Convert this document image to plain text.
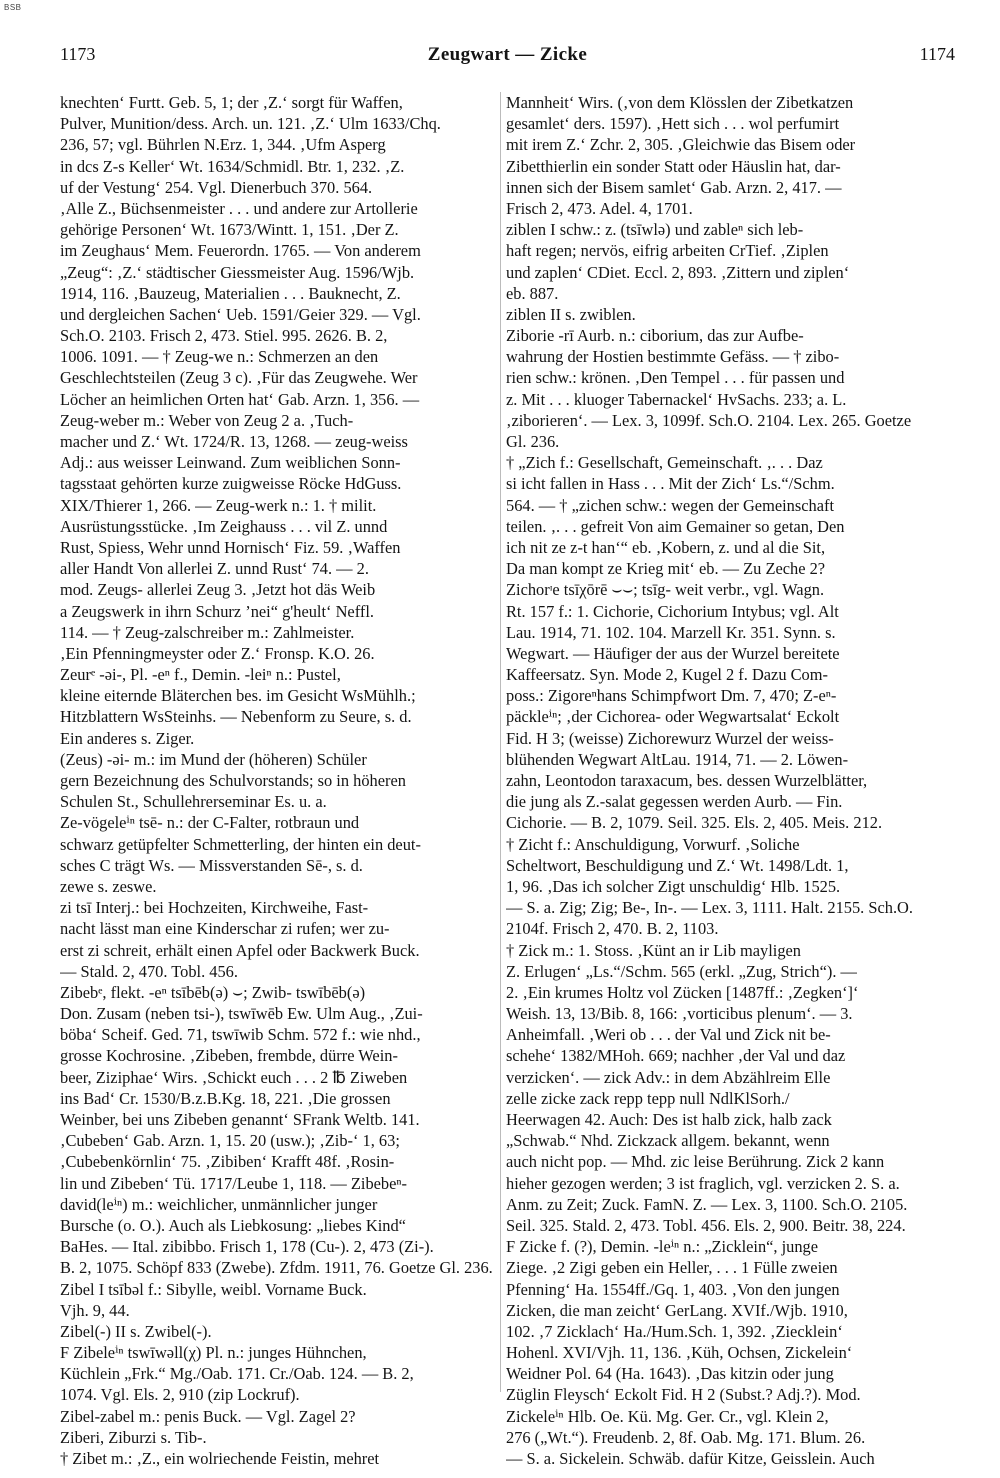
BSB
1173	Zeugwart — Zicke	1174
knechten‘ Furtt. Geb. 5, 1; der ‚Z.‘ sorgt für Waffen,
Pulver, Munition/dess. Arch. un. 121. ‚Z.‘ Ulm 1633/Chq.
236, 57; vgl. Bührlen N.Erz. 1, 344. ‚Ufm Asperg
in dcs Z-s Keller‘ Wt. 1634/Schmidl. Btr. 1, 232. ‚Z.
uf der Vestung‘ 254. Vgl. Dienerbuch 370. 564.
‚Alle Z., Büchsenmeister . . . und andere zur Artollerie
gehörige Personen‘ Wt. 1673/Wintt. 1, 151. ‚Der Z.
im Zeughaus‘ Mem. Feuerordn. 1765. — Von anderem
„Zeug“: ‚Z.‘ städtischer Giessmeister Aug. 1596/Wjb.
1914, 116. ‚Bauzeug, Materialien . . . Bauknecht, Z.
und dergleichen Sachen‘ Ueb. 1591/Geier 329. — Vgl.
Sch.O. 2103. Frisch 2, 473. Stiel. 995. 2626. B. 2,
1006. 1091. — † Zeug-we n.: Schmerzen an den
Geschlechtsteilen (Zeug 3 c). ‚Für das Zeugwehe. Wer
Löcher an heimlichen Orten hat‘ Gab. Arzn. 1, 356. —
Zeug-weber m.: Weber von Zeug 2 a. ‚Tuch-
macher und Z.‘ Wt. 1724/R. 13, 1268. — zeug-weiss
Adj.: aus weisser Leinwand. Zum weiblichen Sonn-
tagsstaat gehörten kurze zuigweisse Röcke HdGuss.
XIX/Thierer 1, 266. — Zeug-werk n.: 1. † milit.
Ausrüstungsstücke. ‚Im Zeighauss . . . vil Z. unnd
Rust, Spiess, Wehr unnd Hornisch‘ Fiz. 59. ‚Waffen
aller Handt Von allerlei Z. unnd Rust‘ 74. — 2.
mod. Zeugs- allerlei Zeug 3. ‚Jetzt hot däs Weib
a Zeugswerk in ihrn Schurz ’nei“ g'heult‘ Neffl.
114. — † Zeug-zalschreiber m.: Zahlmeister.
‚Ein Pfenningmeyster oder Z.‘ Fronsp. K.O. 26.
Zeurᵉ -əi-, Pl. -eⁿ f., Demin. -leiⁿ n.: Pustel,
kleine eiternde Bläterchen bes. im Gesicht WsMühlh.;
Hitzblattern WsSteinhs. — Nebenform zu Seure, s. d.
Ein anderes s. Ziger.
(Zeus) -əi- m.: im Mund der (höheren) Schüler
gern Bezeichnung des Schulvorstands; so in höheren
Schulen St., Schullehrerseminar Es. u. a.
Ze-vögeleⁱⁿ tsē- n.: der C-Falter, rotbraun und
schwarz getüpfelter Schmetterling, der hinten ein deut-
sches C trägt Ws. — Missverstanden Sē-, s. d.
zewe s. zeswe.
zi tsī Interj.: bei Hochzeiten, Kirchweihe, Fast-
nacht lässt man eine Kinderschar zi rufen; wer zu-
erst zi schreit, erhält einen Apfel oder Backwerk Buck.
— Stald. 2, 470. Tobl. 456.
Zibebᵉ, flekt. -eⁿ tsībēb(ə) ⌣; Zwib- tswībēb(ə)
Don. Zusam (neben tsi-), tswīwēb Ew. Ulm Aug., ‚Zui-
böba‘ Scheif. Ged. 71, tswīwib Schm. 572 f.: wie nhd.,
grosse Kochrosine. ‚Zibeben, frembde, dürre Wein-
beer, Ziziphae‘ Wirs. ‚Schickt euch . . . 2 ℔ Ziweben
ins Bad‘ Cr. 1530/B.z.B.Kg. 18, 221. ‚Die grossen
Weinber, bei uns Zibeben genannt‘ SFrank Weltb. 141.
‚Cubeben‘ Gab. Arzn. 1, 15. 20 (usw.); ‚Zib-‘ 1, 63;
‚Cubebenkörnlin‘ 75. ‚Zibiben‘ Krafft 48f. ‚Rosin-
lin und Zibeben‘ Tü. 1717/Leube 1, 118. — Zibebeⁿ-
david(leⁱⁿ) m.: weichlicher, unmännlicher junger
Bursche (o. O.). Auch als Liebkosung: „liebes Kind“
BaHes. — Ital. zibibbo. Frisch 1, 178 (Cu-). 2, 473 (Zi-).
B. 2, 1075. Schöpf 833 (Zwebe). Zfdm. 1911, 76. Goetze Gl. 236.
Zibel I tsībəl f.: Sibylle, weibl. Vorname Buck.
Vjh. 9, 44.
Zibel(-) II s. Zwibel(-).
F Zibeleⁱⁿ tswīwəll(χ) Pl. n.: junges Hühnchen,
Küchlein „Frk.“ Mg./Oab. 171. Cr./Oab. 124. — B. 2,
1074. Vgl. Els. 2, 910 (zip Lockruf).
Zibel-zabel m.: penis Buck. — Vgl. Zagel 2?
Ziberi, Ziburzi s. Tib-.
† Zibet m.: ‚Z., ein wolriechende Feistin, mehret
Mannheit‘ Wirs. (‚von dem Klösslen der Zibetkatzen
gesamlet‘ ders. 1597). ‚Hett sich . . . wol perfumirt
mit irem Z.‘ Zchr. 2, 305. ‚Gleichwie das Bisem oder
Zibetthierlin ein sonder Statt oder Häuslin hat, dar-
innen sich der Bisem samlet‘ Gab. Arzn. 2, 417. —
Frisch 2, 473. Adel. 4, 1701.
ziblen I schw.: z. (tsīwlə) und zableⁿ sich leb-
haft regen; nervös, eifrig arbeiten CrTief. ‚Ziplen
und zaplen‘ CDiet. Eccl. 2, 893. ‚Zittern und ziplen‘
eb. 887.
ziblen II s. zwiblen.
Ziborie -rī Aurb. n.: ciborium, das zur Aufbe-
wahrung der Hostien bestimmte Gefäss. — † zibo-
rien schw.: krönen. ‚Den Tempel . . . für passen und
z. Mit . . . kluoger Tabernackel‘ HvSachs. 233; a. L.
‚ziborieren‘. — Lex. 3, 1099f. Sch.O. 2104. Lex. 265. Goetze
Gl. 236.
† „Zich f.: Gesellschaft, Gemeinschaft. ‚. . . Daz
si icht fallen in Hass . . . Mit der Zich‘ Ls.“/Schm.
564. — † „zichen schw.: wegen der Gemeinschaft
teilen. ‚. . . gefreit Von aim Gemainer so getan, Den
ich nit ze z-t han‘“ eb. ‚Kobern, z. und al die Sit,
Da man kompt ze Krieg mit‘ eb. — Zu Zeche 2?
Zichorᶦe tsīχōrē ⌣⌣; tsīg- weit verbr., vgl. Wagn.
Rt. 157 f.: 1. Cichorie, Cichorium Intybus; vgl. Alt
Lau. 1914, 71. 102. 104. Marzell Kr. 351. Synn. s.
Wegwart. — Häufiger der aus der Wurzel bereitete
Kaffeersatz. Syn. Mode 2, Kugel 2 f. Dazu Com-
poss.: Zigoreⁿhans Schimpfwort Dm. 7, 470; Z-eⁿ-
päckleⁱⁿ; ‚der Cichorea- oder Wegwartsalat‘ Eckolt
Fid. H 3; (weisse) Zichorewurz Wurzel der weiss-
blühenden Wegwart AltLau. 1914, 71. — 2. Löwen-
zahn, Leontodon taraxacum, bes. dessen Wurzelblätter,
die jung als Z.-salat gegessen werden Aurb. — Fin.
Cichorie. — B. 2, 1079. Seil. 325. Els. 2, 405. Meis. 212.
† Zicht f.: Anschuldigung, Vorwurf. ‚Soliche
Scheltwort, Beschuldigung und Z.‘ Wt. 1498/Ldt. 1,
1, 96. ‚Das ich solcher Zigt unschuldig‘ Hlb. 1525.
— S. a. Zig; Zig; Be-, In-. — Lex. 3, 1111. Halt. 2155. Sch.O.
2104f. Frisch 2, 470. B. 2, 1103.
† Zick m.: 1. Stoss. ‚Künt an ir Lib mayligen
Z. Erlugen‘ „Ls.“/Schm. 565 (erkl. „Zug, Strich“). —
2. ‚Ein krumes Holtz vol Zücken [1487ff.: ‚Zegken‘]‘
Weish. 13, 13/Bib. 8, 166: ‚vorticibus plenum‘. — 3.
Anheimfall. ‚Weri ob . . . der Val und Zick nit be-
schehe‘ 1382/MHoh. 669; nachher ‚der Val und daz
verzicken‘. — zick Adv.: in dem Abzählreim Elle
zelle zicke zack repp tepp null NdlKlSorh./
Heerwagen 42. Auch: Des ist halb zick, halb zack
„Schwab.“ Nhd. Zickzack allgem. bekannt, wenn
auch nicht pop. — Mhd. zic leise Berührung. Zick 2 kann
hieher gezogen werden; 3 ist fraglich, vgl. verzicken 2. S. a.
Anm. zu Zeit; Zuck. FamN. Z. — Lex. 3, 1100. Sch.O. 2105.
Seil. 325. Stald. 2, 473. Tobl. 456. Els. 2, 900. Beitr. 38, 224.
F Zicke f. (?), Demin. -leⁱⁿ n.: „Zicklein“, junge
Ziege. ‚2 Zigi geben ein Heller, . . . 1 Fülle zweien
Pfenning‘ Ha. 1554ff./Gq. 1, 403. ‚Von den jungen
Zicken, die man zeicht‘ GerLang. XVIf./Wjb. 1910,
102. ‚7 Zicklach‘ Ha./Hum.Sch. 1, 392. ‚Ziecklein‘
Hohenl. XVI/Vjh. 11, 136. ‚Küh, Ochsen, Zickelein‘
Weidner Pol. 64 (Ha. 1643). ‚Das kitzin oder jung
Züglin Fleysch‘ Eckolt Fid. H 2 (Subst.? Adj.?). Mod.
Zickeleⁱⁿ Hlb. Oe. Kü. Mg. Ger. Cr., vgl. Klein 2,
276 („Wt.“). Freudenb. 2, 8f. Oab. Mg. 171. Blum. 26.
— S. a. Sickelein. Schwäb. dafür Kitze, Geisslein. Auch
